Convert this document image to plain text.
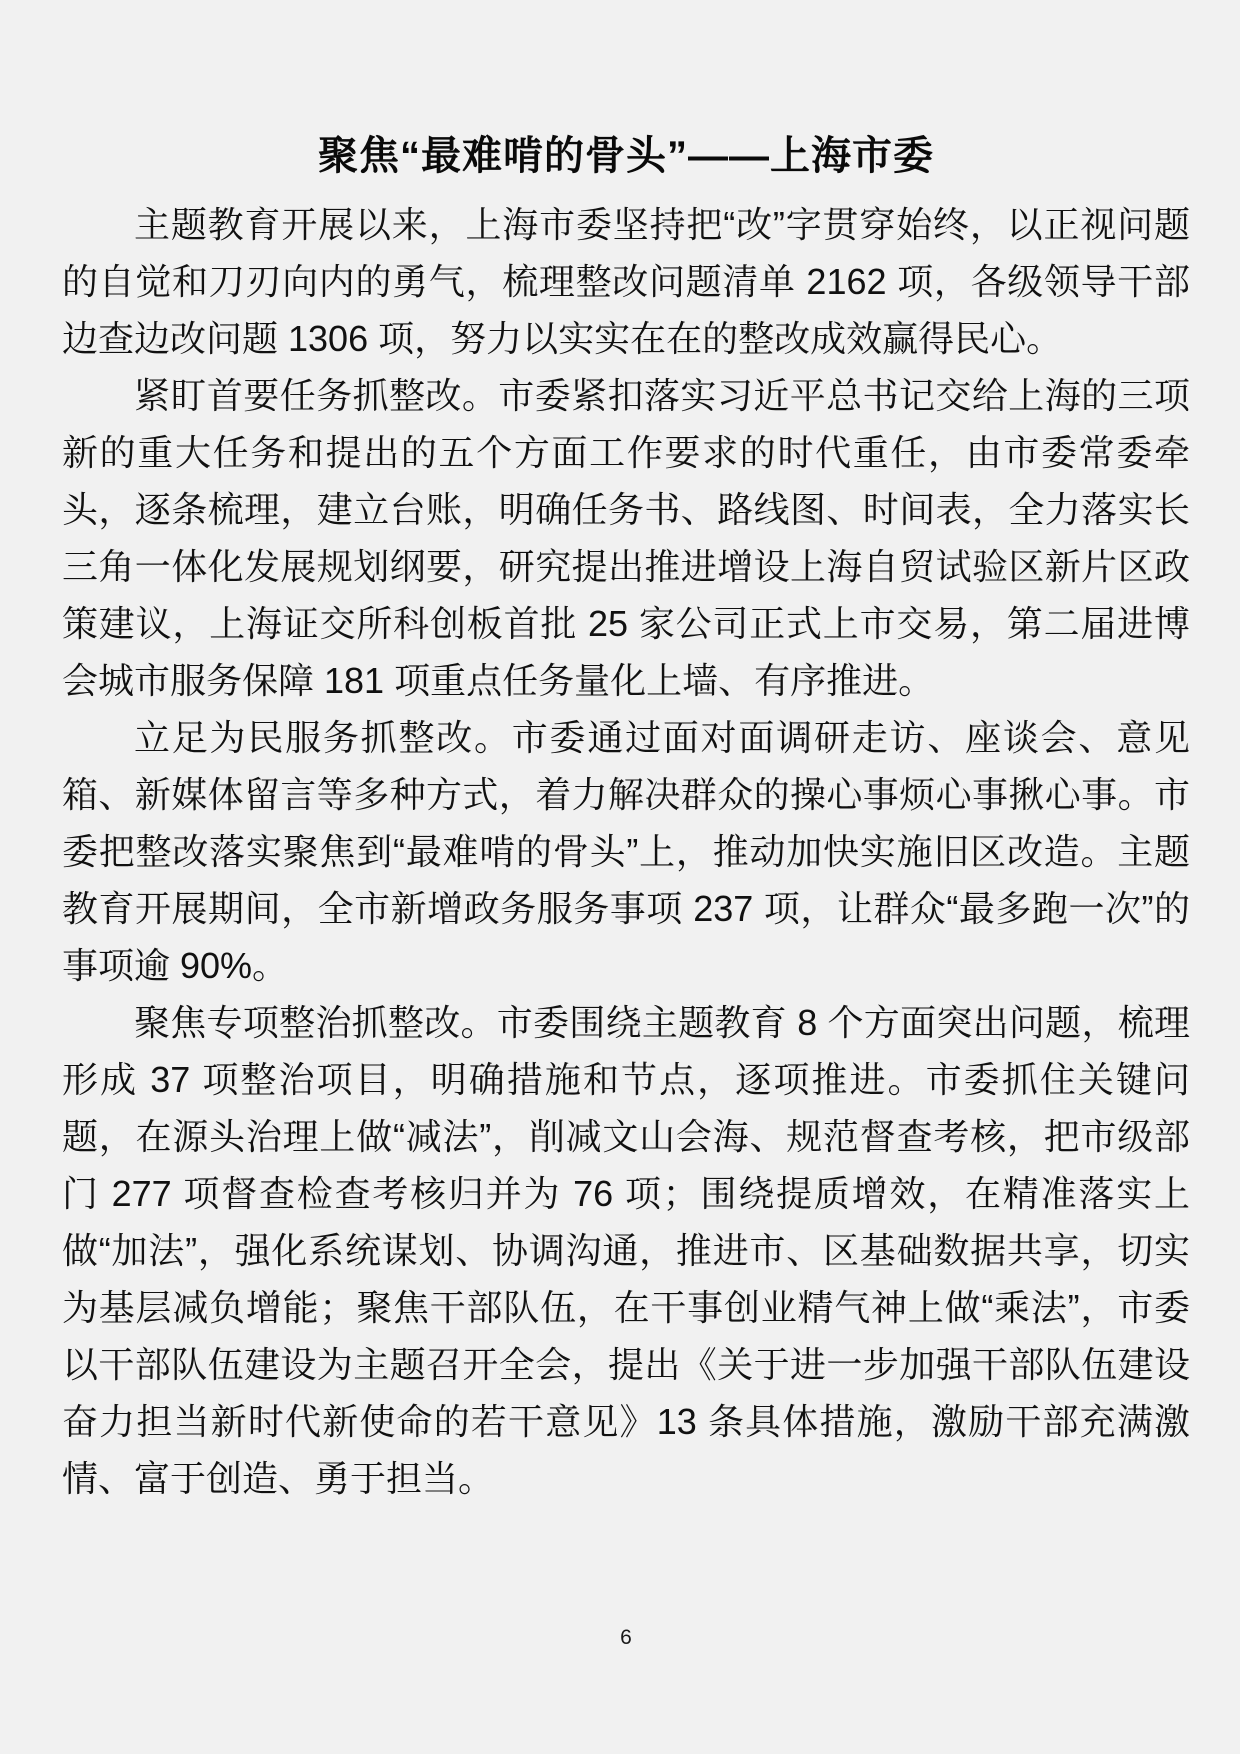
聚焦“最难啃的骨头”——上海市委

主题教育开展以来，上海市委坚持把“改”字贯穿始终，以正视问题的自觉和刀刃向内的勇气，梳理整改问题清单 2162 项，各级领导干部边查边改问题 1306 项，努力以实实在在的整改成效赢得民心。

紧盯首要任务抓整改。市委紧扣落实习近平总书记交给上海的三项新的重大任务和提出的五个方面工作要求的时代重任，由市委常委牵头，逐条梳理，建立台账，明确任务书、路线图、时间表，全力落实长三角一体化发展规划纲要，研究提出推进增设上海自贸试验区新片区政策建议，上海证交所科创板首批 25 家公司正式上市交易，第二届进博会城市服务保障 181 项重点任务量化上墙、有序推进。

立足为民服务抓整改。市委通过面对面调研走访、座谈会、意见箱、新媒体留言等多种方式，着力解决群众的操心事烦心事揪心事。市委把整改落实聚焦到“最难啃的骨头”上，推动加快实施旧区改造。主题教育开展期间，全市新增政务服务事项 237 项，让群众“最多跑一次”的事项逾 90%。

聚焦专项整治抓整改。市委围绕主题教育 8 个方面突出问题，梳理形成 37 项整治项目，明确措施和节点，逐项推进。市委抓住关键问题，在源头治理上做“减法”，削减文山会海、规范督查考核，把市级部门 277 项督查检查考核归并为 76 项；围绕提质增效，在精准落实上做“加法”，强化系统谋划、协调沟通，推进市、区基础数据共享，切实为基层减负增能；聚焦干部队伍，在干事创业精气神上做“乘法”，市委以干部队伍建设为主题召开全会，提出《关于进一步加强干部队伍建设奋力担当新时代新使命的若干意见》13 条具体措施，激励干部充满激情、富于创造、勇于担当。

6
